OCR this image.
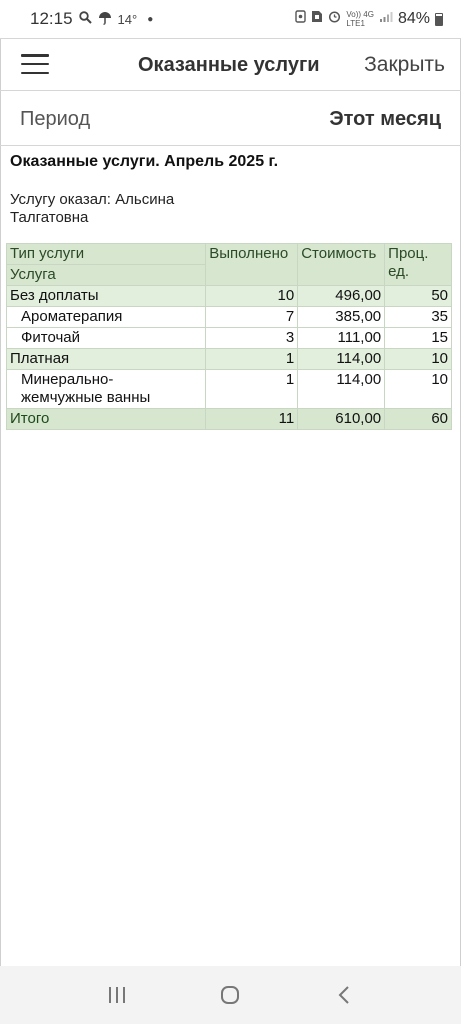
12:15	14° ●	Vo)) 4G
LTE1	84%
Оказанные услуги Закрыть
Период	Этот месяц
Оказанные услуги. Апрель 2025 г.
Услугу оказал: Альсина
Талгатовна
Тип услуги	Выполнено	Стоимость	Проц.
ед.

Услуга			
Без доплаты	10	496,00	50
Ароматерапия	7	385,00	35
Фиточай	3	111,00	15
Платная	1	114,00	10

Минерально-
жемчужные ванны	1	114,00	10
Итого	11	610,00	60
